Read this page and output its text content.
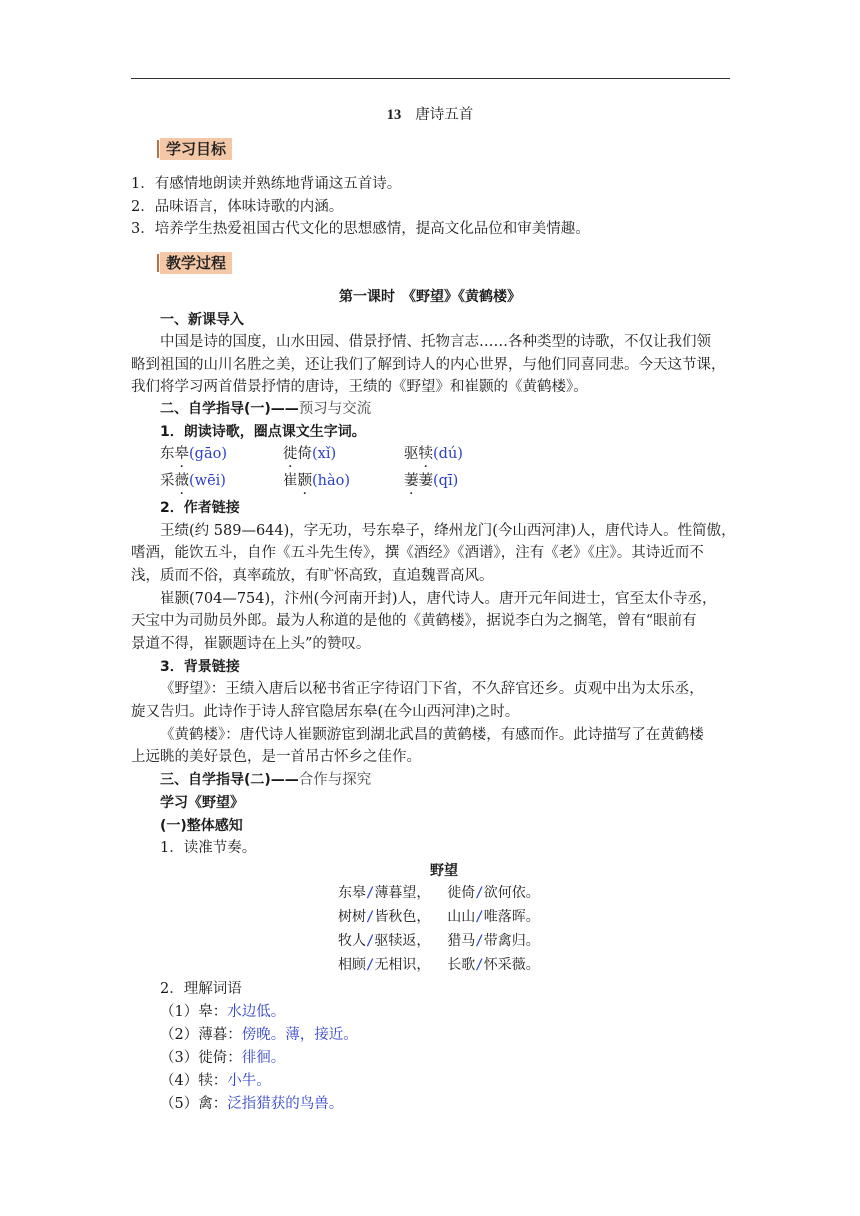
13 唐诗五首
学习目标
1．有感情地朗读并熟练地背诵这五首诗。
2．品味语言，体味诗歌的内涵。
3．培养学生热爱祖国古代文化的思想感情，提高文化品位和审美情趣。
教学过程
第一课时　《野望》《黄鹤楼》
一、新课导入
中国是诗的国度，山水田园、借景抒情、托物言志……各种类型的诗歌，不仅让我们领
略到祖国的山川名胜之美，还让我们了解到诗人的内心世界，与他们同喜同悲。今天这节课，
我们将学习两首借景抒情的唐诗，王绩的《野望》和崔颢的《黄鹤楼》。
二、自学指导(一)——预习与交流
1．朗读诗歌，圈点课文生字词。
东皋(gāo)	徙倚(xǐ)	驱犊(dú)
采薇(wēi)	崔颢(hào)	萋萋(qī)
2．作者链接
王绩(约 589—644)，字无功，号东皋子，绛州龙门(今山西河津)人，唐代诗人。性简傲，
嗜酒，能饮五斗，自作《五斗先生传》，撰《酒经》《酒谱》，注有《老》《庄》。其诗近而不
浅，质而不俗，真率疏放，有旷怀高致，直追魏晋高风。
崔颢(704—754)，汴州(今河南开封)人，唐代诗人。唐开元年间进士，官至太仆寺丞，
天宝中为司勋员外郎。最为人称道的是他的《黄鹤楼》，据说李白为之搁笔，曾有“眼前有
景道不得，崔颢题诗在上头”的赞叹。
3．背景链接
《野望》：王绩入唐后以秘书省正字待诏门下省，不久辞官还乡。贞观中出为太乐丞，
旋又告归。此诗作于诗人辞官隐居东皋(在今山西河津)之时。
《黄鹤楼》：唐代诗人崔颢游宦到湖北武昌的黄鹤楼，有感而作。此诗描写了在黄鹤楼
上远眺的美好景色，是一首吊古怀乡之佳作。
三、自学指导(二)——合作与探究
学习《野望》
(一)整体感知
1．读准节奏。
野望
东皋/薄暮望， 徙倚/欲何依。
树树/皆秋色， 山山/唯落晖。
牧人/驱犊返， 猎马/带禽归。
相顾/无相识， 长歌/怀采薇。
2．理解词语
（1）皋：水边低。
（2）薄暮：傍晚。薄，接近。
（3）徙倚：徘徊。
（4）犊：小牛。
（5）禽：泛指猎获的鸟兽。
